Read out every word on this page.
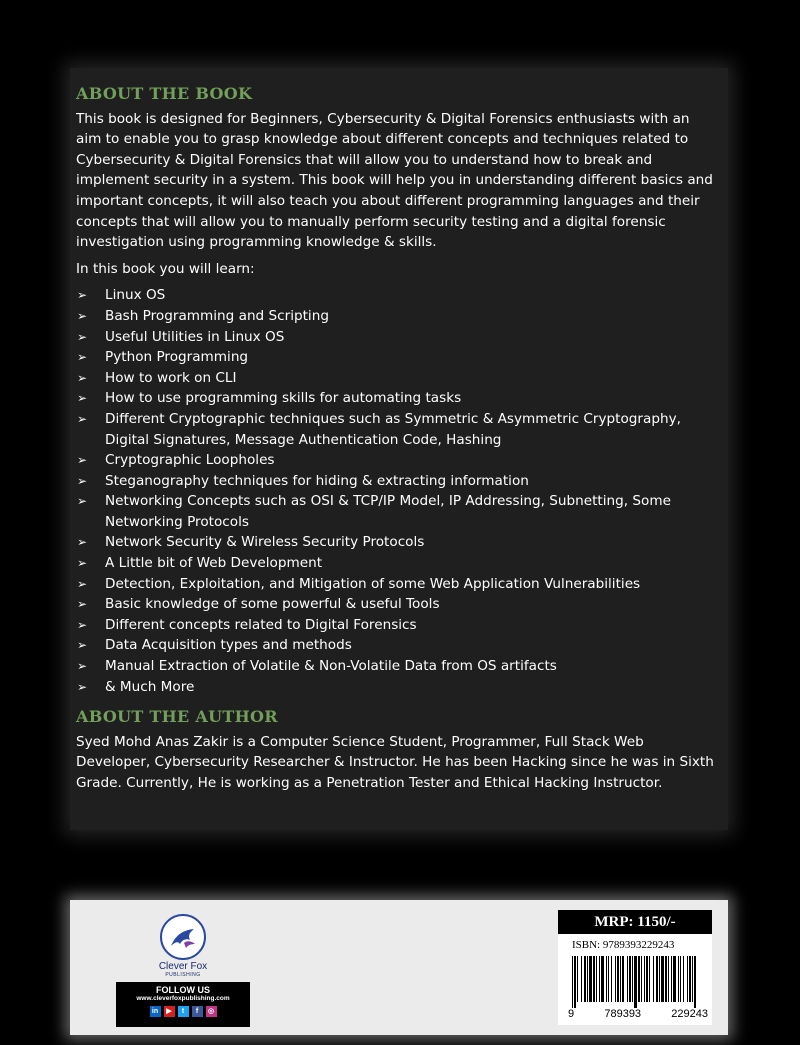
ABOUT THE BOOK

This book is designed for Beginners, Cybersecurity & Digital Forensics enthusiasts with an aim to enable you to grasp knowledge about different concepts and techniques related to Cybersecurity & Digital Forensics that will allow you to understand how to break and implement security in a system. This book will help you in understanding different basics and important concepts, it will also teach you about different programming languages and their concepts that will allow you to manually perform security testing and a digital forensic investigation using programming knowledge & skills.

In this book you will learn:

➢ Linux OS
➢ Bash Programming and Scripting
➢ Useful Utilities in Linux OS
➢ Python Programming
➢ How to work on CLI
➢ How to use programming skills for automating tasks
➢ Different Cryptographic techniques such as Symmetric & Asymmetric Cryptography, Digital Signatures, Message Authentication Code, Hashing
➢ Cryptographic Loopholes
➢ Steganography techniques for hiding & extracting information
➢ Networking Concepts such as OSI & TCP/IP Model, IP Addressing, Subnetting, Some Networking Protocols
➢ Network Security & Wireless Security Protocols
➢ A Little bit of Web Development
➢ Detection, Exploitation, and Mitigation of some Web Application Vulnerabilities
➢ Basic knowledge of some powerful & useful Tools
➢ Different concepts related to Digital Forensics
➢ Data Acquisition types and methods
➢ Manual Extraction of Volatile & Non-Volatile Data from OS artifacts
➢ & Much More
ABOUT THE AUTHOR

Syed Mohd Anas Zakir is a Computer Science Student, Programmer, Full Stack Web Developer, Cybersecurity Researcher & Instructor. He has been Hacking since he was in Sixth Grade. Currently, He is working as a Penetration Tester and Ethical Hacking Instructor.

Clever Fox
PUBLISHING
FOLLOW US
www.cleverfoxpublishing.com
in	▶	t	f	◎
MRP: 1150/-
ISBN: 9789393229243
9	789393	229243
